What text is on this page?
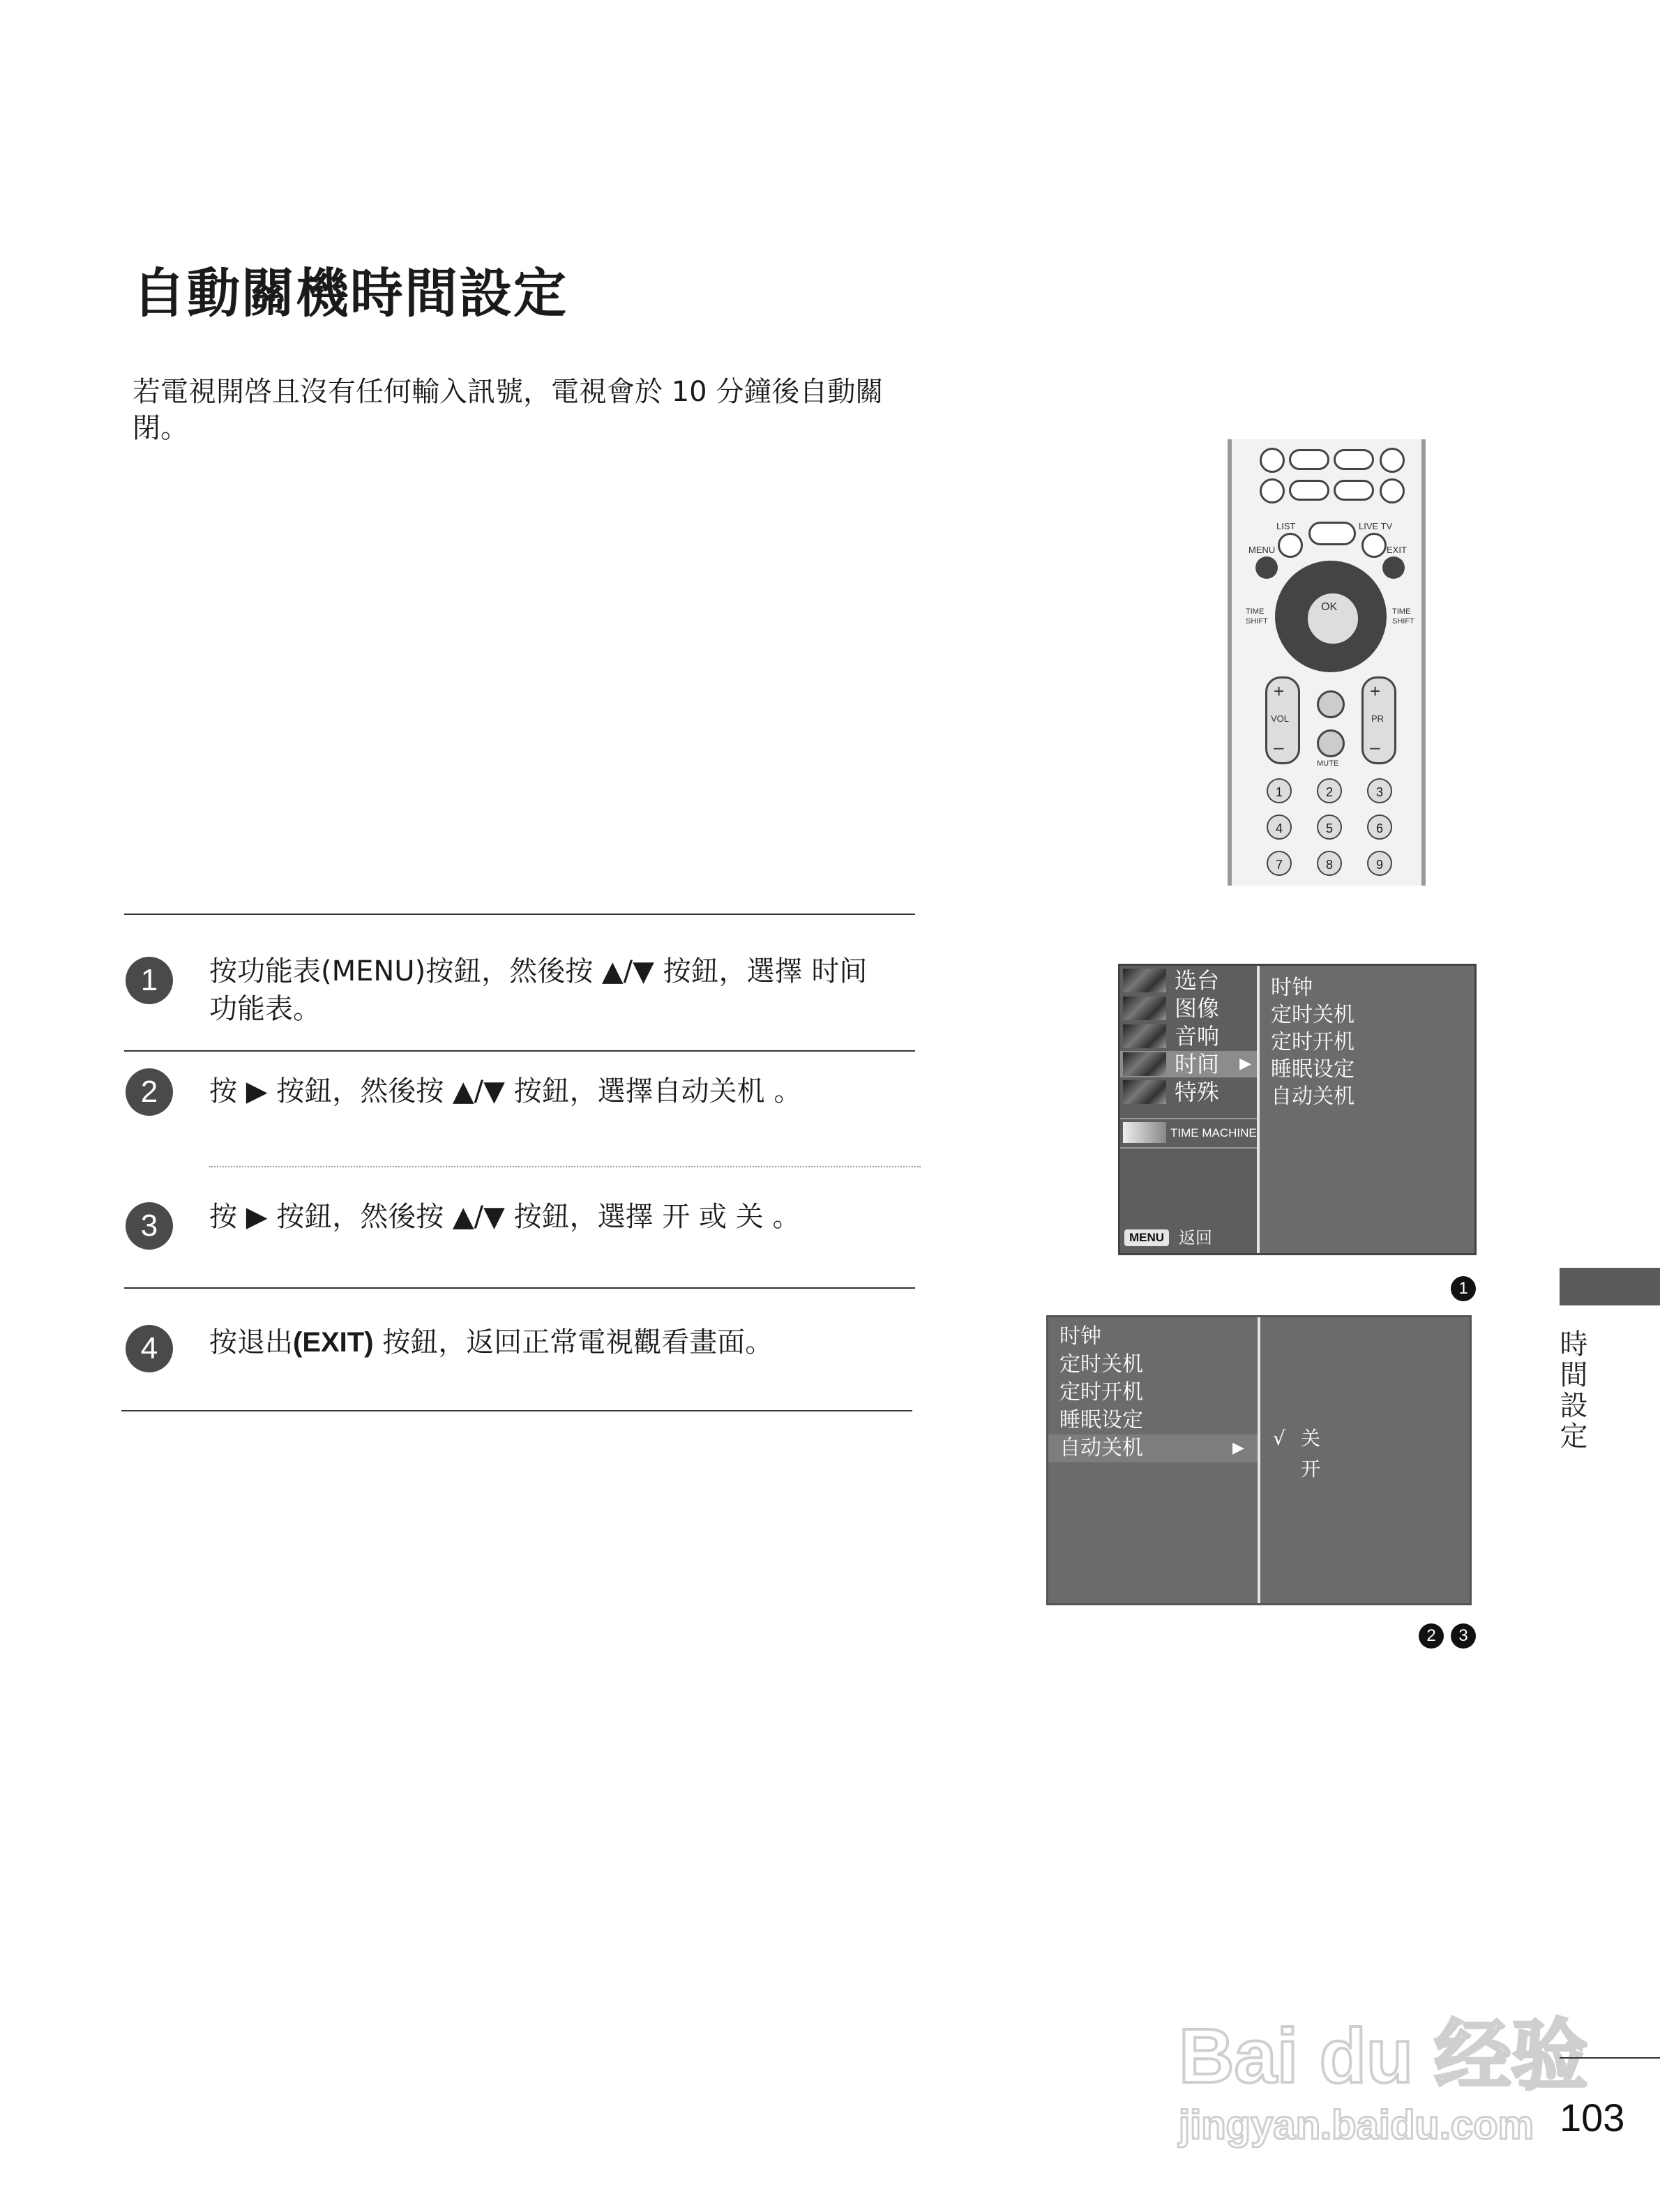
自動關機時間設定
若電視開啓且沒有任何輸入訊號，電視會於 10 分鐘後自動關閉。
LIST	LIVE TV
MENU	EXIT
OK
TIME
SHIFT
TIME
SHIFT
+
VOL
–
+
PR
–
MUTE
1	2	3
4	5	6
7	8	9
1	按功能表(MENU)按鈕，然後按 ▲/▼ 按鈕，選擇 时间
功能表。
2	按 ▶ 按鈕，然後按 ▲/▼ 按鈕，選擇自动关机 。
3	按 ▶ 按鈕，然後按 ▲/▼ 按鈕，選擇 开 或 关 。
4	按退出(EXIT) 按鈕，返回正常電視觀看畫面。
选台
图像
音响
时间 ▶
特殊
TIME MACHINE
MENU 返回
时钟
定时关机
定时开机
睡眠设定
自动关机
1
时钟
定时关机
定时开机
睡眠设定
自动关机	▶ √ 关
开
2	3
時間設定
Bai du 经验
jingyan.baidu.com 103
